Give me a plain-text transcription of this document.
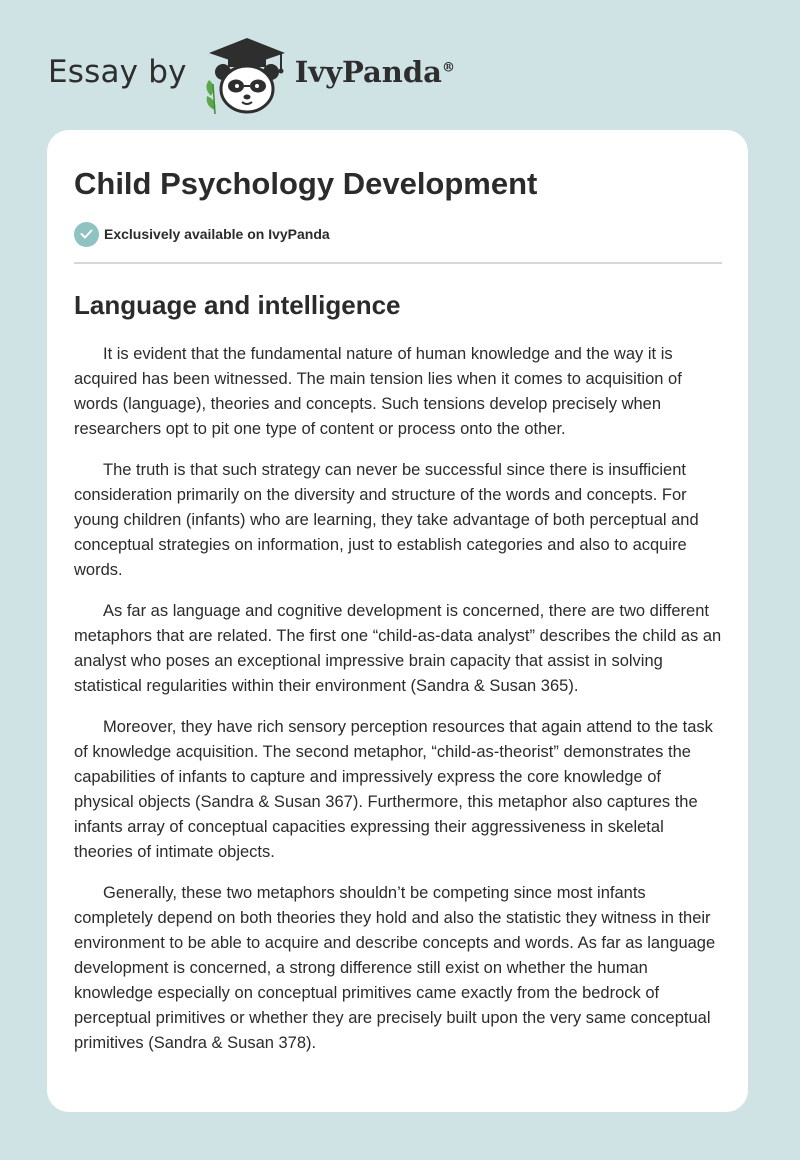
Essay by	IvyPanda®
Child Psychology Development
Exclusively available on IvyPanda
Language and intelligence

It is evident that the fundamental nature of human knowledge and the way it is acquired has been witnessed. The main tension lies when it comes to acquisition of words (language), theories and concepts. Such tensions develop precisely when researchers opt to pit one type of content or process onto the other.

The truth is that such strategy can never be successful since there is insufficient consideration primarily on the diversity and structure of the words and concepts. For young children (infants) who are learning, they take advantage of both perceptual and conceptual strategies on information, just to establish categories and also to acquire words.

As far as language and cognitive development is concerned, there are two different metaphors that are related. The first one “child-as-data analyst” describes the child as an analyst who poses an exceptional impressive brain capacity that assist in solving statistical regularities within their environment (Sandra & Susan 365).

Moreover, they have rich sensory perception resources that again attend to the task of knowledge acquisition. The second metaphor, “child-as-theorist” demonstrates the capabilities of infants to capture and impressively express the core knowledge of physical objects (Sandra & Susan 367). Furthermore, this metaphor also captures the infants array of conceptual capacities expressing their aggressiveness in skeletal theories of intimate objects.

Generally, these two metaphors shouldn’t be competing since most infants completely depend on both theories they hold and also the statistic they witness in their environment to be able to acquire and describe concepts and words. As far as language development is concerned, a strong difference still exist on whether the human knowledge especially on conceptual primitives came exactly from the bedrock of perceptual primitives or whether they are precisely built upon the very same conceptual primitives (Sandra & Susan 378).
